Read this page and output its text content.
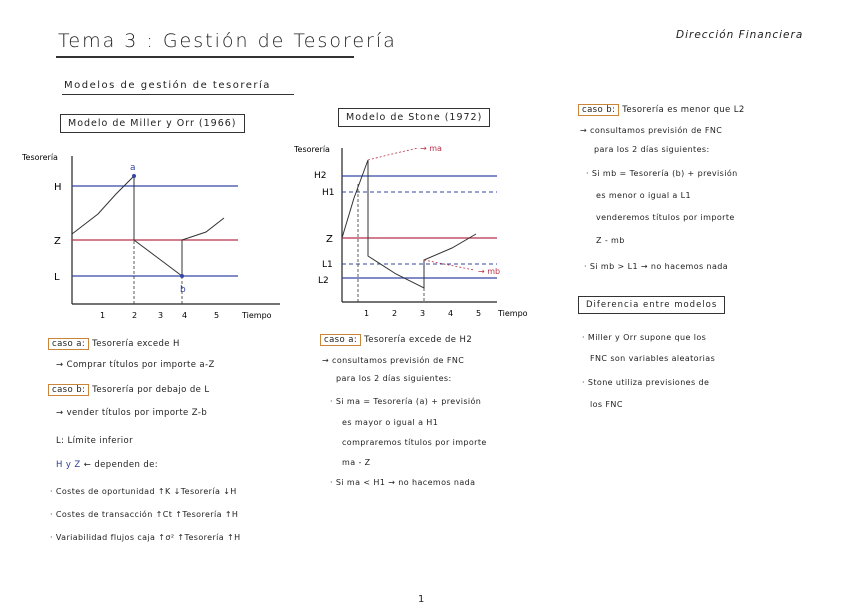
Tema 3 : Gestión de Tesorería	Dirección Financiera
Modelos de gestión de tesorería
Modelo de Miller y Orr (1966)
Tesorería
H
Z
L
a
b
1	2	3 4	5	Tiempo
caso a: Tesorería excede H
→ Comprar títulos por importe a-Z
caso b: Tesorería por debajo de L
→ vender títulos por importe Z-b
L: Límite inferior
H y Z ← dependen de:
· Costes de oportunidad ↑K ↓Tesorería ↓H
· Costes de transacción ↑Ct ↑Tesorería ↑H
· Variabilidad flujos caja ↑σ² ↑Tesorería ↑H
Modelo de Stone (1972)
Tesorería
H2
H1
Z
L1
L2
→ ma
→ mb
1	2	3	4	5 Tiempo
caso a: Tesorería excede de H2
→ consultamos previsión de FNC
para los 2 días siguientes:
· Si ma = Tesorería (a) + previsión
es mayor o igual a H1
compraremos títulos por importe
ma - Z
· Si ma < H1 → no hacemos nada
caso b: Tesorería es menor que L2
→ consultamos previsión de FNC
para los 2 días siguientes:
· Si mb = Tesorería (b) + previsión
es menor o igual a L1
venderemos títulos por importe
Z - mb
· Si mb > L1 → no hacemos nada
Diferencia entre modelos
· Miller y Orr supone que los
FNC son variables aleatorias
· Stone utiliza previsiones de
los FNC
1
